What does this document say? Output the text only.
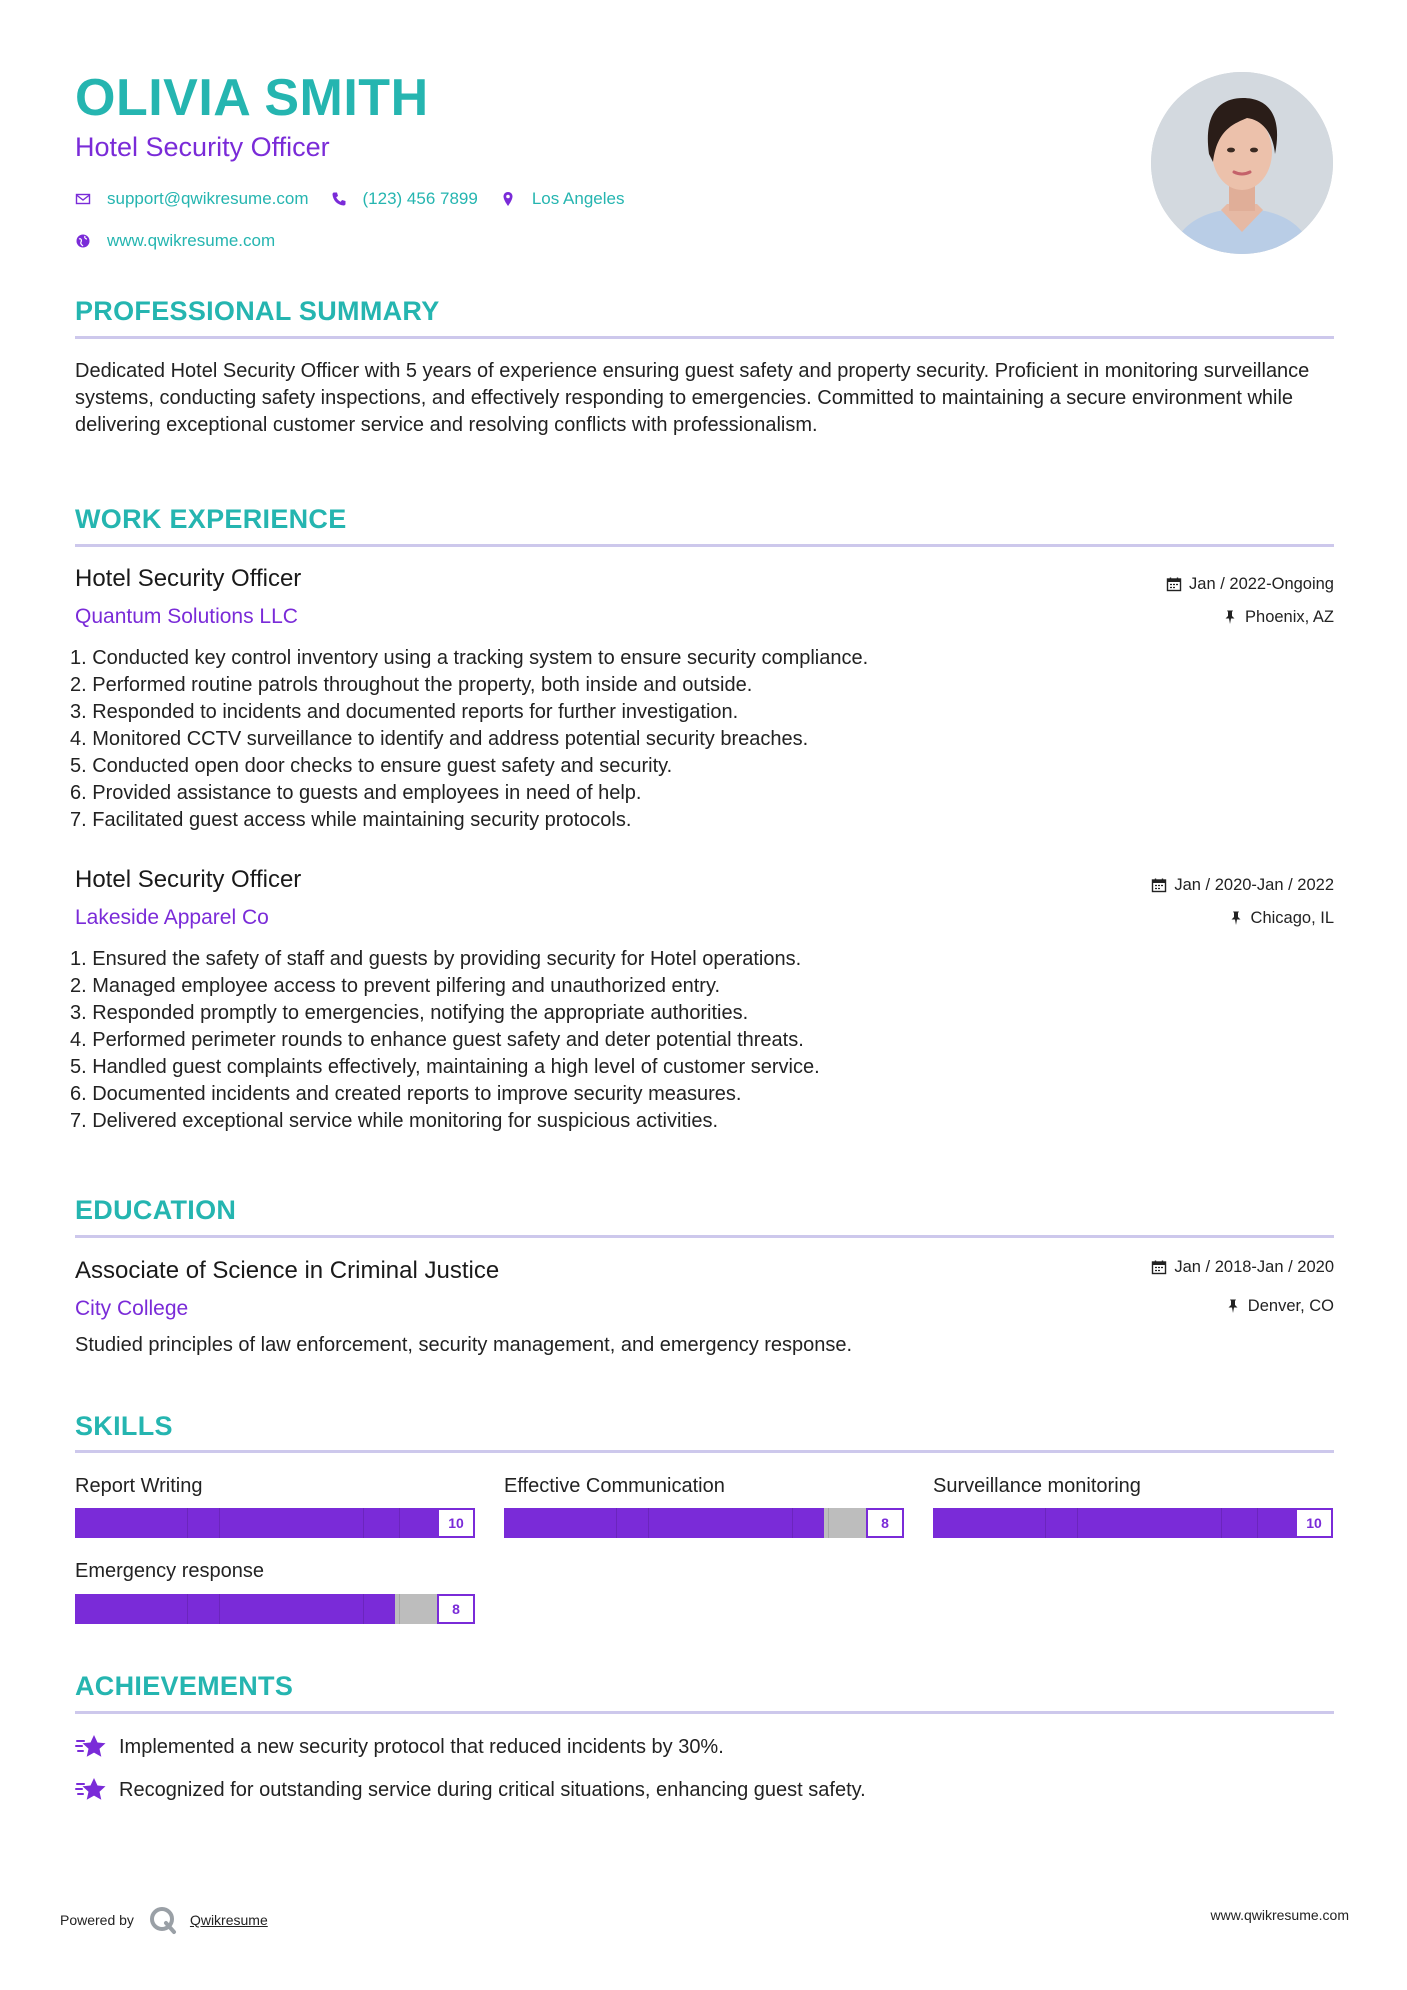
OLIVIA SMITH
Hotel Security Officer
support@qwikresume.com	(123) 456 7899	Los Angeles
www.qwikresume.com
PROFESSIONAL SUMMARY
Dedicated Hotel Security Officer with 5 years of experience ensuring guest safety and property security. Proficient in monitoring surveillance systems, conducting safety inspections, and effectively responding to emergencies. Committed to maintaining a secure environment while delivering exceptional customer service and resolving conflicts with professionalism.
WORK EXPERIENCE
Hotel Security Officer
Quantum Solutions LLC
Jan / 2022-Ongoing
Phoenix, AZ
1. Conducted key control inventory using a tracking system to ensure security compliance.
2. Performed routine patrols throughout the property, both inside and outside.
3. Responded to incidents and documented reports for further investigation.
4. Monitored CCTV surveillance to identify and address potential security breaches.
5. Conducted open door checks to ensure guest safety and security.
6. Provided assistance to guests and employees in need of help.
7. Facilitated guest access while maintaining security protocols.
Hotel Security Officer
Lakeside Apparel Co
Jan / 2020-Jan / 2022
Chicago, IL
1. Ensured the safety of staff and guests by providing security for Hotel operations.
2. Managed employee access to prevent pilfering and unauthorized entry.
3. Responded promptly to emergencies, notifying the appropriate authorities.
4. Performed perimeter rounds to enhance guest safety and deter potential threats.
5. Handled guest complaints effectively, maintaining a high level of customer service.
6. Documented incidents and created reports to improve security measures.
7. Delivered exceptional service while monitoring for suspicious activities.
EDUCATION
Associate of Science in Criminal Justice
City College
Jan / 2018-Jan / 2020
Denver, CO
Studied principles of law enforcement, security management, and emergency response.
SKILLS
Report Writing
10
Effective Communication
8
Surveillance monitoring
10
Emergency response
8
ACHIEVEMENTS
Implemented a new security protocol that reduced incidents by 30%.
Recognized for outstanding service during critical situations, enhancing guest safety.
Powered by	Qwikresume	www.qwikresume.com
